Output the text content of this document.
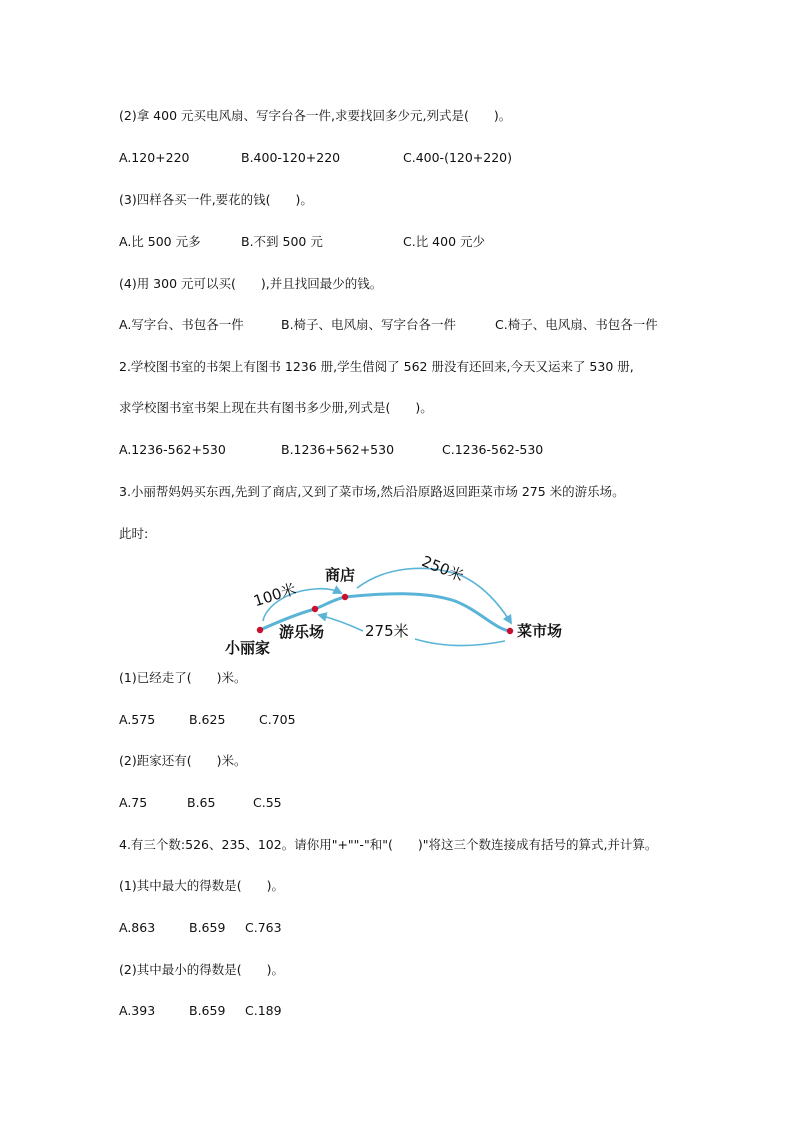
(2)拿 400 元买电风扇、写字台各一件,求要找回多少元,列式是(　　)。
A.120+220	B.400-120+220	C.400-(120+220)
(3)四样各买一件,要花的钱(　　)。
A.比 500 元多	B.不到 500 元	C.比 400 元少
(4)用 300 元可以买(　　),并且找回最少的钱。
A.写字台、书包各一件	B.椅子、电风扇、写字台各一件	C.椅子、电风扇、书包各一件
2.学校图书室的书架上有图书 1236 册,学生借阅了 562 册没有还回来,今天又运来了 530 册,
求学校图书室书架上现在共有图书多少册,列式是(　　)。
A.1236-562+530	B.1236+562+530	C.1236-562-530
3.小丽帮妈妈买东西,先到了商店,又到了菜市场,然后沿原路返回距菜市场 275 米的游乐场。
此时:
小丽家
游乐场
商店
菜市场
100米
250米
275米
(1)已经走了(　　)米。
A.575	B.625	C.705
(2)距家还有(　　)米。
A.75	B.65	C.55
4.有三个数:526、235、102。请你用"+""-"和"(　　)"将这三个数连接成有括号的算式,并计算。
(1)其中最大的得数是(　　)。
A.863	B.659 C.763
(2)其中最小的得数是(　　)。
A.393	B.659 C.189
